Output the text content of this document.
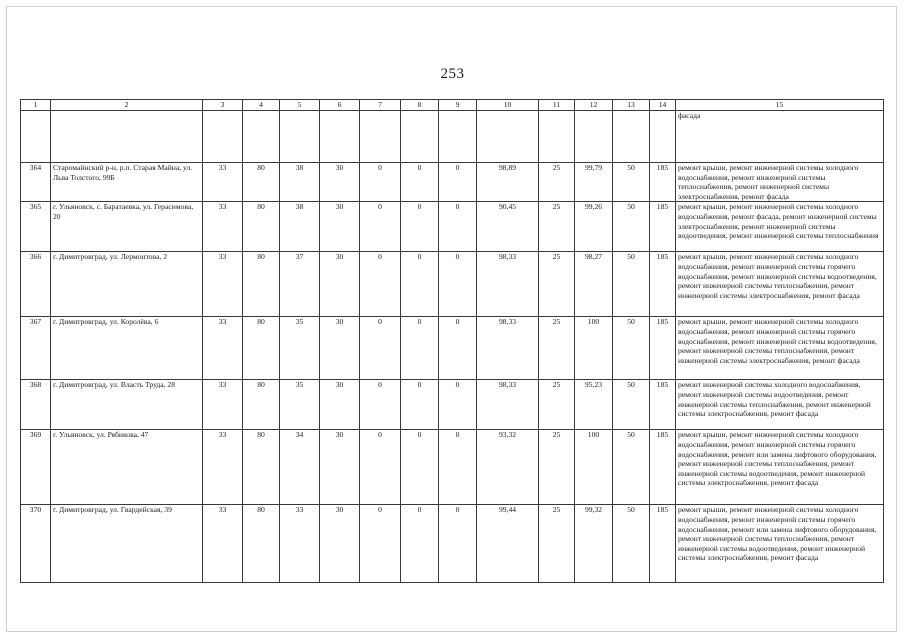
253
1	2	3	4	5	6	7	8	9	10	11	12	13	14	15
														фасада
364	Старомайнский р-н, р.п. Старая Майна, ул. Льва Толстого, 99Б	33	80	38	30	0	0	0	98,89	25	99,79	50	185	ремонт крыши, ремонт инженерной системы холодного водоснабжения, ремонт инженерной системы теплоснабжения, ремонт инженерной системы электроснабжения, ремонт фасада
365	г. Ульяновск, с. Баратаевка, ул. Герасимова, 20	33	80	38	30	0	0	0	90,45	25	99,26	50	185	ремонт крыши, ремонт инженерной системы холодного водоснабжения, ремонт фасада, ремонт инженерной системы электроснабжения, ремонт инженерной системы водоотведения, ремонт инженерной системы теплоснабжения
366	г. Димитровград, ул. Лермонтова, 2	33	80	37	30	0	0	0	98,33	25	98,27	50	185	ремонт крыши, ремонт инженерной системы холодного водоснабжения, ремонт инженерной системы горячего водоснабжения, ремонт инженерной системы водоотведения, ремонт инженерной системы теплоснабжения, ремонт инженерной системы электроснабжения, ремонт фасада
367	г. Димитровград, ул. Королёва, 6	33	80	35	30	0	0	0	98,33	25	100	50	185	ремонт крыши, ремонт инженерной системы холодного водоснабжения, ремонт инженерной системы горячего водоснабжения, ремонт инженерной системы водоотведения, ремонт инженерной системы теплоснабжения, ремонт инженерной системы электроснабжения, ремонт фасада
368	г. Димитровград, ул. Власть Труда, 28	33	80	35	30	0	0	0	98,33	25	95,23	50	185	ремонт инженерной системы холодного водоснабжения, ремонт инженерной системы водоотведения, ремонт инженерной системы теплоснабжения, ремонт инженерной системы электроснабжения, ремонт фасада
369	г. Ульяновск, ул. Рябикова, 47	33	80	34	30	0	0	0	93,32	25	100	50	185	ремонт крыши, ремонт инженерной системы холодного водоснабжения, ремонт инженерной системы горячего водоснабжения, ремонт или замена лифтового оборудования, ремонт инженерной системы теплоснабжения, ремонт инженерной системы водоотведения, ремонт инженерной системы электроснабжения, ремонт фасада
370	г. Димитровград, ул. Гвардейская, 39	33	80	33	30	0	0	0	99,44	25	99,32	50	185	ремонт крыши, ремонт инженерной системы холодного водоснабжения, ремонт инженерной системы горячего водоснабжения, ремонт или замена лифтового оборудования, ремонт инженерной системы теплоснабжения, ремонт инженерной системы водоотведения, ремонт инженерной системы электроснабжения, ремонт фасада
